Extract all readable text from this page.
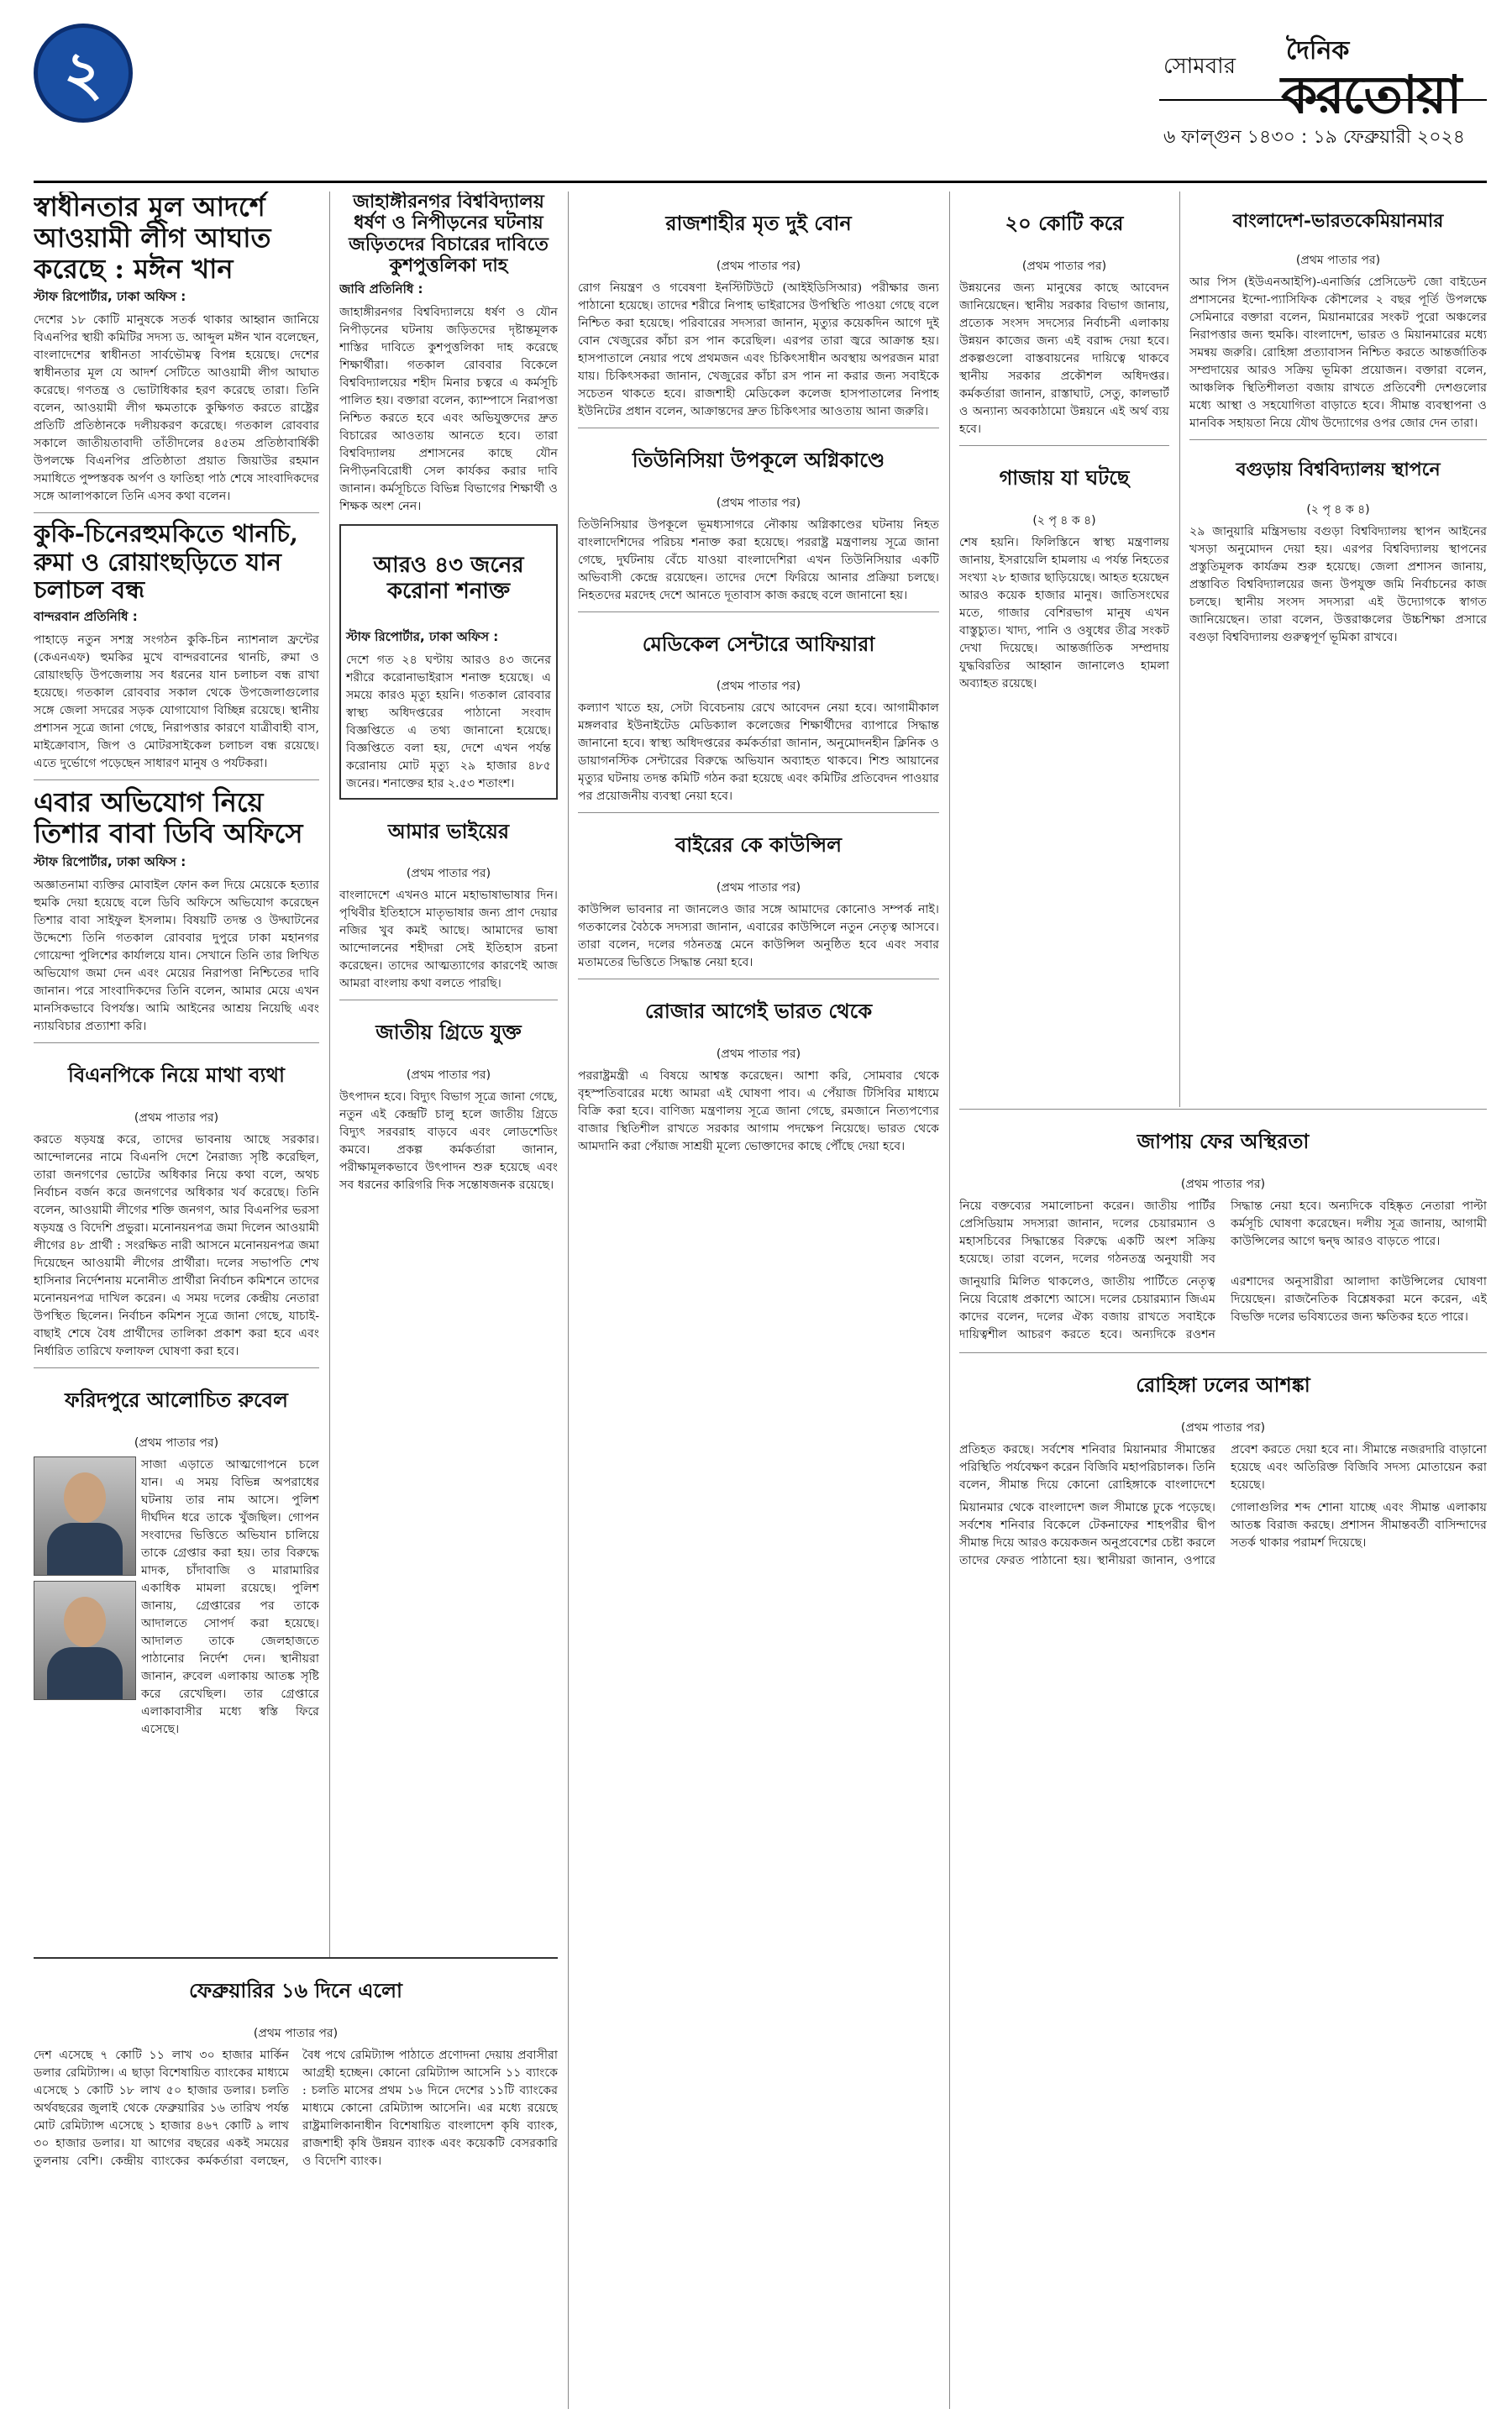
২	সোমবার
দৈনিক
করতোয়া
৬ ফাল্গুন ১৪৩০ : ১৯ ফেব্রুয়ারী ২০২৪
স্বাধীনতার মূল আদর্শে আওয়ামী লীগ আঘাত করেছে : মঈন খান
স্টাফ রিপোর্টার, ঢাকা অফিস :

দেশের ১৮ কোটি মানুষকে সতর্ক থাকার আহ্বান জানিয়ে বিএনপির স্থায়ী কমিটির সদস্য ড. আব্দুল মঈন খান বলেছেন, বাংলাদেশের স্বাধীনতা সার্বভৌমত্ব বিপন্ন হয়েছে। দেশের স্বাধীনতার মূল যে আদর্শ সেটিতে আওয়ামী লীগ আঘাত করেছে। গণতন্ত্র ও ভোটাধিকার হরণ করেছে তারা। তিনি বলেন, আওয়ামী লীগ ক্ষমতাকে কুক্ষিগত করতে রাষ্ট্রের প্রতিটি প্রতিষ্ঠানকে দলীয়করণ করেছে। গতকাল রোববার সকালে জাতীয়তাবাদী তাঁতীদলের ৪৫তম প্রতিষ্ঠাবার্ষিকী উপলক্ষে বিএনপির প্রতিষ্ঠাতা প্রয়াত জিয়াউর রহমান সমাধিতে পুষ্পস্তবক অর্পণ ও ফাতিহা পাঠ শেষে সাংবাদিকদের সঙ্গে আলাপকালে তিনি এসব কথা বলেন।

কুকি-চিনেরহুমকিতে থানচি, রুমা ও রোয়াংছড়িতে যান চলাচল বন্ধ
বান্দরবান প্রতিনিধি :

পাহাড়ে নতুন সশস্ত্র সংগঠন কুকি-চিন ন্যাশনাল ফ্রন্টের (কেএনএফ) হুমকির মুখে বান্দরবানের থানচি, রুমা ও রোয়াংছড়ি উপজেলায় সব ধরনের যান চলাচল বন্ধ রাখা হয়েছে। গতকাল রোববার সকাল থেকে উপজেলাগুলোর সঙ্গে জেলা সদরের সড়ক যোগাযোগ বিচ্ছিন্ন রয়েছে। স্থানীয় প্রশাসন সূত্রে জানা গেছে, নিরাপত্তার কারণে যাত্রীবাহী বাস, মাইক্রোবাস, জিপ ও মোটরসাইকেল চলাচল বন্ধ রয়েছে। এতে দুর্ভোগে পড়েছেন সাধারণ মানুষ ও পর্যটকরা।

এবার অভিযোগ নিয়ে তিশার বাবা ডিবি অফিসে
স্টাফ রিপোর্টার, ঢাকা অফিস :

অজ্ঞাতনামা ব্যক্তির মোবাইল ফোন কল দিয়ে মেয়েকে হত্যার হুমকি দেয়া হয়েছে বলে ডিবি অফিসে অভিযোগ করেছেন তিশার বাবা সাইফুল ইসলাম। বিষয়টি তদন্ত ও উদ্ঘাটনের উদ্দেশ্যে তিনি গতকাল রোববার দুপুরে ঢাকা মহানগর গোয়েন্দা পুলিশের কার্যালয়ে যান। সেখানে তিনি তার লিখিত অভিযোগ জমা দেন এবং মেয়ের নিরাপত্তা নিশ্চিতের দাবি জানান। পরে সাংবাদিকদের তিনি বলেন, আমার মেয়ে এখন মানসিকভাবে বিপর্যস্ত। আমি আইনের আশ্রয় নিয়েছি এবং ন্যায়বিচার প্রত্যাশা করি।

বিএনপিকে নিয়ে মাথা ব্যথা
(প্রথম পাতার পর)

করতে ষড়যন্ত্র করে, তাদের ভাবনায় আছে সরকার। আন্দোলনের নামে বিএনপি দেশে নৈরাজ্য সৃষ্টি করেছিল, তারা জনগণের ভোটের অধিকার নিয়ে কথা বলে, অথচ নির্বাচন বর্জন করে জনগণের অধিকার খর্ব করেছে। তিনি বলেন, আওয়ামী লীগের শক্তি জনগণ, আর বিএনপির ভরসা ষড়যন্ত্র ও বিদেশি প্রভুরা। মনোনয়নপত্র জমা দিলেন আওয়ামী লীগের ৪৮ প্রার্থী : সংরক্ষিত নারী আসনে মনোনয়নপত্র জমা দিয়েছেন আওয়ামী লীগের প্রার্থীরা। দলের সভাপতি শেখ হাসিনার নির্দেশনায় মনোনীত প্রার্থীরা নির্বাচন কমিশনে তাদের মনোনয়নপত্র দাখিল করেন। এ সময় দলের কেন্দ্রীয় নেতারা উপস্থিত ছিলেন। নির্বাচন কমিশন সূত্রে জানা গেছে, যাচাই-বাছাই শেষে বৈধ প্রার্থীদের তালিকা প্রকাশ করা হবে এবং নির্ধারিত তারিখে ফলাফল ঘোষণা করা হবে।

ফরিদপুরে আলোচিত রুবেল
(প্রথম পাতার পর)

সাজা এড়াতে আত্মগোপনে চলে যান। এ সময় বিভিন্ন অপরাধের ঘটনায় তার নাম আসে। পুলিশ দীর্ঘদিন ধরে তাকে খুঁজছিল। গোপন সংবাদের ভিত্তিতে অভিযান চালিয়ে তাকে গ্রেপ্তার করা হয়। তার বিরুদ্ধে মাদক, চাঁদাবাজি ও মারামারির একাধিক মামলা রয়েছে। পুলিশ জানায়, গ্রেপ্তারের পর তাকে আদালতে সোপর্দ করা হয়েছে। আদালত তাকে জেলহাজতে পাঠানোর নির্দেশ দেন। স্থানীয়রা জানান, রুবেল এলাকায় আতঙ্ক সৃষ্টি করে রেখেছিল। তার গ্রেপ্তারে এলাকাবাসীর মধ্যে স্বস্তি ফিরে এসেছে।

জাহাঙ্গীরনগর বিশ্ববিদ্যালয় ধর্ষণ ও নিপীড়নের ঘটনায় জড়িতদের বিচারের দাবিতে কুশপুত্তলিকা দাহ
জাবি প্রতিনিধি :

জাহাঙ্গীরনগর বিশ্ববিদ্যালয়ে ধর্ষণ ও যৌন নিপীড়নের ঘটনায় জড়িতদের দৃষ্টান্তমূলক শাস্তির দাবিতে কুশপুত্তলিকা দাহ করেছে শিক্ষার্থীরা। গতকাল রোববার বিকেলে বিশ্ববিদ্যালয়ের শহীদ মিনার চত্বরে এ কর্মসূচি পালিত হয়। বক্তারা বলেন, ক্যাম্পাসে নিরাপত্তা নিশ্চিত করতে হবে এবং অভিযুক্তদের দ্রুত বিচারের আওতায় আনতে হবে। তারা বিশ্ববিদ্যালয় প্রশাসনের কাছে যৌন নিপীড়নবিরোধী সেল কার্যকর করার দাবি জানান। কর্মসূচিতে বিভিন্ন বিভাগের শিক্ষার্থী ও শিক্ষক অংশ নেন।

আরও ৪৩ জনের করোনা শনাক্ত
স্টাফ রিপোর্টার, ঢাকা অফিস :

দেশে গত ২৪ ঘণ্টায় আরও ৪৩ জনের শরীরে করোনাভাইরাস শনাক্ত হয়েছে। এ সময়ে কারও মৃত্যু হয়নি। গতকাল রোববার স্বাস্থ্য অধিদপ্তরের পাঠানো সংবাদ বিজ্ঞপ্তিতে এ তথ্য জানানো হয়েছে। বিজ্ঞপ্তিতে বলা হয়, দেশে এখন পর্যন্ত করোনায় মোট মৃত্যু ২৯ হাজার ৪৮৫ জনের। শনাক্তের হার ২.৫৩ শতাংশ।

আমার ভাইয়ের
(প্রথম পাতার পর)

বাংলাদেশে এখনও মানে মহাভাষাভাষার দিন। পৃথিবীর ইতিহাসে মাতৃভাষার জন্য প্রাণ দেয়ার নজির খুব কমই আছে। আমাদের ভাষা আন্দোলনের শহীদরা সেই ইতিহাস রচনা করেছেন। তাদের আত্মত্যাগের কারণেই আজ আমরা বাংলায় কথা বলতে পারছি।

জাতীয় গ্রিডে যুক্ত
(প্রথম পাতার পর)

উৎপাদন হবে। বিদ্যুৎ বিভাগ সূত্রে জানা গেছে, নতুন এই কেন্দ্রটি চালু হলে জাতীয় গ্রিডে বিদ্যুৎ সরবরাহ বাড়বে এবং লোডশেডিং কমবে। প্রকল্প কর্মকর্তারা জানান, পরীক্ষামূলকভাবে উৎপাদন শুরু হয়েছে এবং সব ধরনের কারিগরি দিক সন্তোষজনক রয়েছে।

ফেব্রুয়ারির ১৬ দিনে এলো
(প্রথম পাতার পর)

দেশ এসেছে ৭ কোটি ১১ লাখ ৩০ হাজার মার্কিন ডলার রেমিট্যান্স। এ ছাড়া বিশেষায়িত ব্যাংকের মাধ্যমে এসেছে ১ কোটি ১৮ লাখ ৫০ হাজার ডলার। চলতি অর্থবছরের জুলাই থেকে ফেব্রুয়ারির ১৬ তারিখ পর্যন্ত মোট রেমিট্যান্স এসেছে ১ হাজার ৪৬৭ কোটি ৯ লাখ ৩০ হাজার ডলার। যা আগের বছরের একই সময়ের তুলনায় বেশি। কেন্দ্রীয় ব্যাংকের কর্মকর্তারা বলছেন, বৈধ পথে রেমিট্যান্স পাঠাতে প্রণোদনা দেয়ায় প্রবাসীরা আগ্রহী হচ্ছেন। কোনো রেমিট্যান্স আসেনি ১১ ব্যাংকে : চলতি মাসের প্রথম ১৬ দিনে দেশের ১১টি ব্যাংকের মাধ্যমে কোনো রেমিট্যান্স আসেনি। এর মধ্যে রয়েছে রাষ্ট্রমালিকানাধীন বিশেষায়িত বাংলাদেশ কৃষি ব্যাংক, রাজশাহী কৃষি উন্নয়ন ব্যাংক এবং কয়েকটি বেসরকারি ও বিদেশি ব্যাংক।

রাজশাহীর মৃত দুই বোন
(প্রথম পাতার পর)

রোগ নিয়ন্ত্রণ ও গবেষণা ইনস্টিটিউটে (আইইডিসিআর) পরীক্ষার জন্য পাঠানো হয়েছে। তাদের শরীরে নিপাহ ভাইরাসের উপস্থিতি পাওয়া গেছে বলে নিশ্চিত করা হয়েছে। পরিবারের সদস্যরা জানান, মৃত্যুর কয়েকদিন আগে দুই বোন খেজুরের কাঁচা রস পান করেছিল। এরপর তারা জ্বরে আক্রান্ত হয়। হাসপাতালে নেয়ার পথে প্রথমজন এবং চিকিৎসাধীন অবস্থায় অপরজন মারা যায়। চিকিৎসকরা জানান, খেজুরের কাঁচা রস পান না করার জন্য সবাইকে সচেতন থাকতে হবে। রাজশাহী মেডিকেল কলেজ হাসপাতালের নিপাহ ইউনিটের প্রধান বলেন, আক্রান্তদের দ্রুত চিকিৎসার আওতায় আনা জরুরি।

তিউনিসিয়া উপকূলে অগ্নিকাণ্ডে
(প্রথম পাতার পর)

তিউনিসিয়ার উপকূলে ভূমধ্যসাগরে নৌকায় অগ্নিকাণ্ডের ঘটনায় নিহত বাংলাদেশিদের পরিচয় শনাক্ত করা হয়েছে। পররাষ্ট্র মন্ত্রণালয় সূত্রে জানা গেছে, দুর্ঘটনায় বেঁচে যাওয়া বাংলাদেশিরা এখন তিউনিসিয়ার একটি অভিবাসী কেন্দ্রে রয়েছেন। তাদের দেশে ফিরিয়ে আনার প্রক্রিয়া চলছে। নিহতদের মরদেহ দেশে আনতে দূতাবাস কাজ করছে বলে জানানো হয়।

মেডিকেল সেন্টারে আফিয়ারা
(প্রথম পাতার পর)

কল্যাণ খাতে হয়, সেটা বিবেচনায় রেখে আবেদন নেয়া হবে। আগামীকাল মঙ্গলবার ইউনাইটেড মেডিক্যাল কলেজের শিক্ষার্থীদের ব্যাপারে সিদ্ধান্ত জানানো হবে। স্বাস্থ্য অধিদপ্তরের কর্মকর্তারা জানান, অনুমোদনহীন ক্লিনিক ও ডায়াগনস্টিক সেন্টারের বিরুদ্ধে অভিযান অব্যাহত থাকবে। শিশু আয়ানের মৃত্যুর ঘটনায় তদন্ত কমিটি গঠন করা হয়েছে এবং কমিটির প্রতিবেদন পাওয়ার পর প্রয়োজনীয় ব্যবস্থা নেয়া হবে।

বাইরের কে কাউন্সিল
(প্রথম পাতার পর)

কাউন্সিল ভাবনার না জানলেও জার সঙ্গে আমাদের কোনোও সম্পর্ক নাই। গতকালের বৈঠকে সদস্যরা জানান, এবারের কাউন্সিলে নতুন নেতৃত্ব আসবে। তারা বলেন, দলের গঠনতন্ত্র মেনে কাউন্সিল অনুষ্ঠিত হবে এবং সবার মতামতের ভিত্তিতে সিদ্ধান্ত নেয়া হবে।

রোজার আগেই ভারত থেকে
(প্রথম পাতার পর)

পররাষ্ট্রমন্ত্রী এ বিষয়ে আশ্বস্ত করেছেন। আশা করি, সোমবার থেকে বৃহস্পতিবারের মধ্যে আমরা এই ঘোষণা পাব। এ পেঁয়াজ টিসিবির মাধ্যমে বিক্রি করা হবে। বাণিজ্য মন্ত্রণালয় সূত্রে জানা গেছে, রমজানে নিত্যপণ্যের বাজার স্থিতিশীল রাখতে সরকার আগাম পদক্ষেপ নিয়েছে। ভারত থেকে আমদানি করা পেঁয়াজ সাশ্রয়ী মূল্যে ভোক্তাদের কাছে পৌঁছে দেয়া হবে।

২০ কোটি করে
(প্রথম পাতার পর)

উন্নয়নের জন্য মানুষের কাছে আবেদন জানিয়েছেন। স্থানীয় সরকার বিভাগ জানায়, প্রত্যেক সংসদ সদস্যের নির্বাচনী এলাকায় উন্নয়ন কাজের জন্য এই বরাদ্দ দেয়া হবে। প্রকল্পগুলো বাস্তবায়নের দায়িত্বে থাকবে স্থানীয় সরকার প্রকৌশল অধিদপ্তর। কর্মকর্তারা জানান, রাস্তাঘাট, সেতু, কালভার্ট ও অন্যান্য অবকাঠামো উন্নয়নে এই অর্থ ব্যয় হবে।

গাজায় যা ঘটছে
(২ পৃ ৪ ক ৪)

শেষ হয়নি। ফিলিস্তিনে স্বাস্থ্য মন্ত্রণালয় জানায়, ইসরায়েলি হামলায় এ পর্যন্ত নিহতের সংখ্যা ২৮ হাজার ছাড়িয়েছে। আহত হয়েছেন আরও কয়েক হাজার মানুষ। জাতিসংঘের মতে, গাজার বেশিরভাগ মানুষ এখন বাস্তুচ্যুত। খাদ্য, পানি ও ওষুধের তীব্র সংকট দেখা দিয়েছে। আন্তর্জাতিক সম্প্রদায় যুদ্ধবিরতির আহ্বান জানালেও হামলা অব্যাহত রয়েছে।

জাপায় ফের অস্থিরতা
(প্রথম পাতার পর)

নিয়ে বক্তব্যের সমালোচনা করেন। জাতীয় পার্টির প্রেসিডিয়াম সদস্যরা জানান, দলের চেয়ারম্যান ও মহাসচিবের সিদ্ধান্তের বিরুদ্ধে একটি অংশ সক্রিয় হয়েছে। তারা বলেন, দলের গঠনতন্ত্র অনুযায়ী সব সিদ্ধান্ত নেয়া হবে। অন্যদিকে বহিষ্কৃত নেতারা পাল্টা কর্মসূচি ঘোষণা করেছেন। দলীয় সূত্র জানায়, আগামী কাউন্সিলের আগে দ্বন্দ্ব আরও বাড়তে পারে।

জানুয়ারি মিলিত থাকলেও, জাতীয় পার্টিতে নেতৃত্ব নিয়ে বিরোধ প্রকাশ্যে আসে। দলের চেয়ারম্যান জিএম কাদের বলেন, দলের ঐক্য বজায় রাখতে সবাইকে দায়িত্বশীল আচরণ করতে হবে। অন্যদিকে রওশন এরশাদের অনুসারীরা আলাদা কাউন্সিলের ঘোষণা দিয়েছেন। রাজনৈতিক বিশ্লেষকরা মনে করেন, এই বিভক্তি দলের ভবিষ্যতের জন্য ক্ষতিকর হতে পারে।

রোহিঙ্গা ঢলের আশঙ্কা
(প্রথম পাতার পর)

প্রতিহত করছে। সর্বশেষ শনিবার মিয়ানমার সীমান্তের পরিস্থিতি পর্যবেক্ষণ করেন বিজিবি মহাপরিচালক। তিনি বলেন, সীমান্ত দিয়ে কোনো রোহিঙ্গাকে বাংলাদেশে প্রবেশ করতে দেয়া হবে না। সীমান্তে নজরদারি বাড়ানো হয়েছে এবং অতিরিক্ত বিজিবি সদস্য মোতায়েন করা হয়েছে।

মিয়ানমার থেকে বাংলাদেশ জল সীমান্তে ঢুকে পড়েছে। সর্বশেষ শনিবার বিকেলে টেকনাফের শাহপরীর দ্বীপ সীমান্ত দিয়ে আরও কয়েকজন অনুপ্রবেশের চেষ্টা করলে তাদের ফেরত পাঠানো হয়। স্থানীয়রা জানান, ওপারে গোলাগুলির শব্দ শোনা যাচ্ছে এবং সীমান্ত এলাকায় আতঙ্ক বিরাজ করছে। প্রশাসন সীমান্তবর্তী বাসিন্দাদের সতর্ক থাকার পরামর্শ দিয়েছে।

বাংলাদেশ-ভারতকেমিয়ানমার
(প্রথম পাতার পর)

আর পিস (ইউএনআইপি)-এনার্জির প্রেসিডেন্ট জো বাইডেন প্রশাসনের ইন্দো-প্যাসিফিক কৌশলের ২ বছর পূর্তি উপলক্ষে সেমিনারে বক্তারা বলেন, মিয়ানমারের সংকট পুরো অঞ্চলের নিরাপত্তার জন্য হুমকি। বাংলাদেশ, ভারত ও মিয়ানমারের মধ্যে সমন্বয় জরুরি। রোহিঙ্গা প্রত্যাবাসন নিশ্চিত করতে আন্তর্জাতিক সম্প্রদায়ের আরও সক্রিয় ভূমিকা প্রয়োজন। বক্তারা বলেন, আঞ্চলিক স্থিতিশীলতা বজায় রাখতে প্রতিবেশী দেশগুলোর মধ্যে আস্থা ও সহযোগিতা বাড়াতে হবে। সীমান্ত ব্যবস্থাপনা ও মানবিক সহায়তা নিয়ে যৌথ উদ্যোগের ওপর জোর দেন তারা।

বগুড়ায় বিশ্ববিদ্যালয় স্থাপনে
(২ পৃ ৪ ক ৪)

২৯ জানুয়ারি মন্ত্রিসভায় বগুড়া বিশ্ববিদ্যালয় স্থাপন আইনের খসড়া অনুমোদন দেয়া হয়। এরপর বিশ্ববিদ্যালয় স্থাপনের প্রস্তুতিমূলক কার্যক্রম শুরু হয়েছে। জেলা প্রশাসন জানায়, প্রস্তাবিত বিশ্ববিদ্যালয়ের জন্য উপযুক্ত জমি নির্বাচনের কাজ চলছে। স্থানীয় সংসদ সদস্যরা এই উদ্যোগকে স্বাগত জানিয়েছেন। তারা বলেন, উত্তরাঞ্চলের উচ্চশিক্ষা প্রসারে বগুড়া বিশ্ববিদ্যালয় গুরুত্বপূর্ণ ভূমিকা রাখবে।
